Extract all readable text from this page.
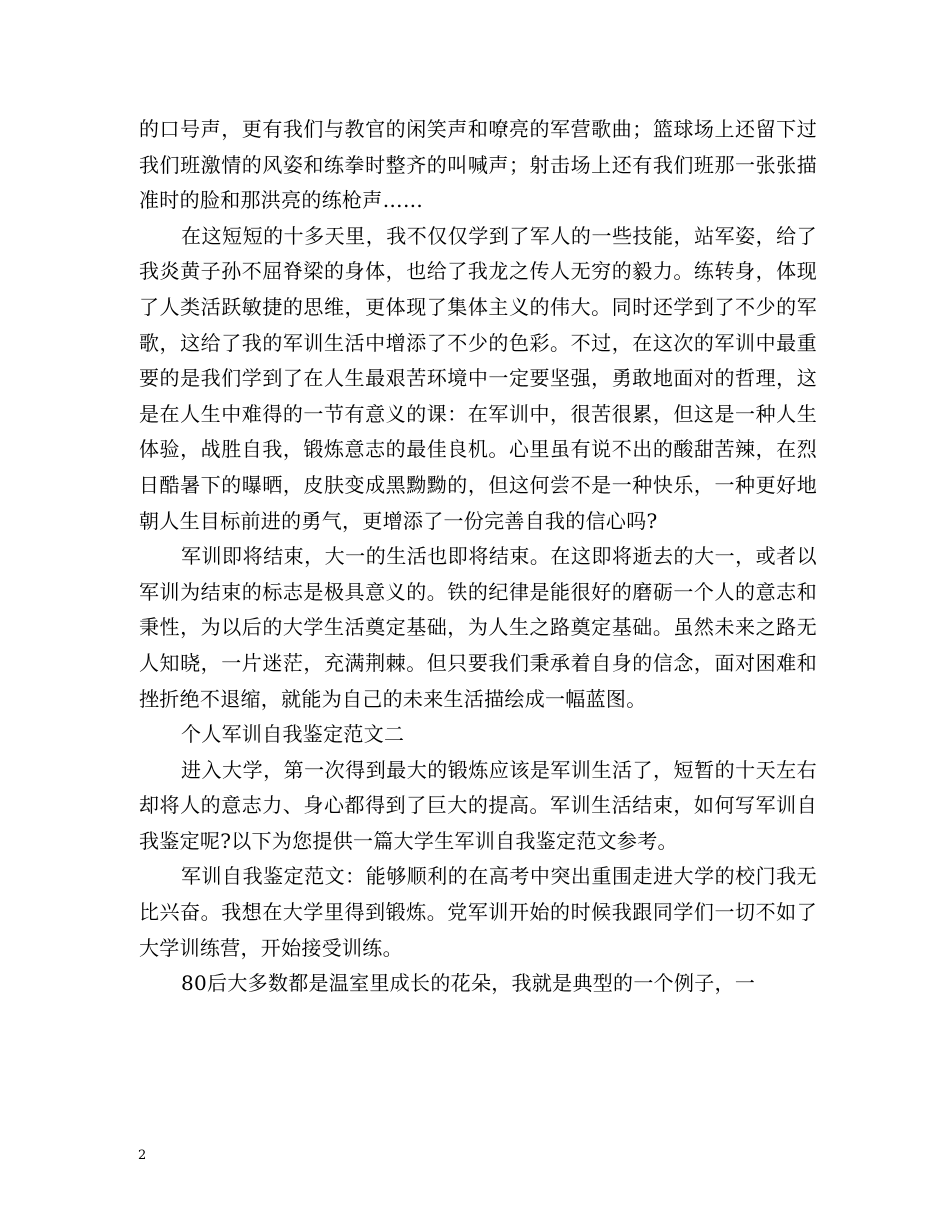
的口号声，更有我们与教官的闲笑声和嘹亮的军营歌曲；篮球场上还留下过我们班激情的风姿和练拳时整齐的叫喊声；射击场上还有我们班那一张张描准时的脸和那洪亮的练枪声……

在这短短的十多天里，我不仅仅学到了军人的一些技能，站军姿，给了我炎黄子孙不屈脊梁的身体，也给了我龙之传人无穷的毅力。练转身，体现了人类活跃敏捷的思维，更体现了集体主义的伟大。同时还学到了不少的军歌，这给了我的军训生活中增添了不少的色彩。不过，在这次的军训中最重要的是我们学到了在人生最艰苦环境中一定要坚强，勇敢地面对的哲理，这是在人生中难得的一节有意义的课：在军训中，很苦很累，但这是一种人生体验，战胜自我，锻炼意志的最佳良机。心里虽有说不出的酸甜苦辣，在烈日酷暑下的曝晒，皮肤变成黑黝黝的，但这何尝不是一种快乐，一种更好地朝人生目标前进的勇气，更增添了一份完善自我的信心吗?

军训即将结束，大一的生活也即将结束。在这即将逝去的大一，或者以军训为结束的标志是极具意义的。铁的纪律是能很好的磨砺一个人的意志和秉性，为以后的大学生活奠定基础，为人生之路奠定基础。虽然未来之路无人知晓，一片迷茫，充满荆棘。但只要我们秉承着自身的信念，面对困难和挫折绝不退缩，就能为自己的未来生活描绘成一幅蓝图。

个人军训自我鉴定范文二

进入大学，第一次得到最大的锻炼应该是军训生活了，短暂的十天左右却将人的意志力、身心都得到了巨大的提高。军训生活结束，如何写军训自我鉴定呢?以下为您提供一篇大学生军训自我鉴定范文参考。

军训自我鉴定范文：能够顺利的在高考中突出重围走进大学的校门我无比兴奋。我想在大学里得到锻炼。党军训开始的时候我跟同学们一切不如了大学训练营，开始接受训练。

80后大多数都是温室里成长的花朵，我就是典型的一个例子，一

2
